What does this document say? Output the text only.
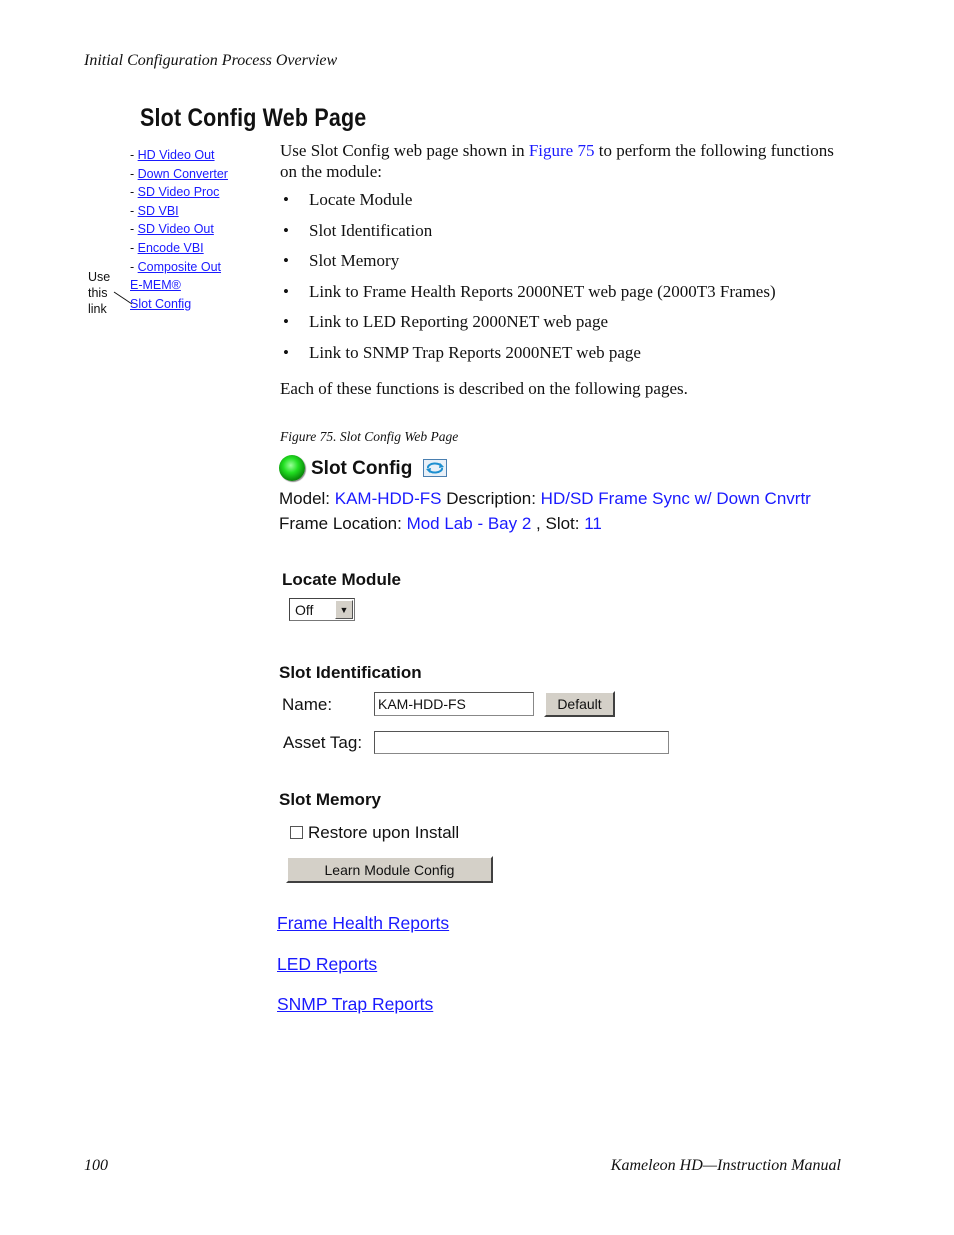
Initial Configuration Process Overview
Slot Config Web Page
- HD Video Out
- Down Converter
- SD Video Proc
- SD VBI
- SD Video Out
- Encode VBI
- Composite Out
E-MEM®
Slot Config
Use
this
link
Use Slot Config web page shown in Figure 75 to perform the following functions on the module:
•	Locate Module
•	Slot Identification
•	Slot Memory
•	Link to Frame Health Reports 2000NET web page (2000T3 Frames)
•	Link to LED Reporting 2000NET web page
•	Link to SNMP Trap Reports 2000NET web page
Each of these functions is described on the following pages.
Figure 75. Slot Config Web Page
Slot Config
Model: KAM-HDD-FS Description: HD/SD Frame Sync w/ Down Cnvrtr
Frame Location: Mod Lab - Bay 2 , Slot: 11
Locate Module
Off	▼
Slot Identification
Name:	KAM-HDD-FS	Default
Asset Tag:
Slot Memory
Restore upon Install
Learn Module Config
Frame Health Reports
LED Reports
SNMP Trap Reports
100	Kameleon HD—Instruction Manual
